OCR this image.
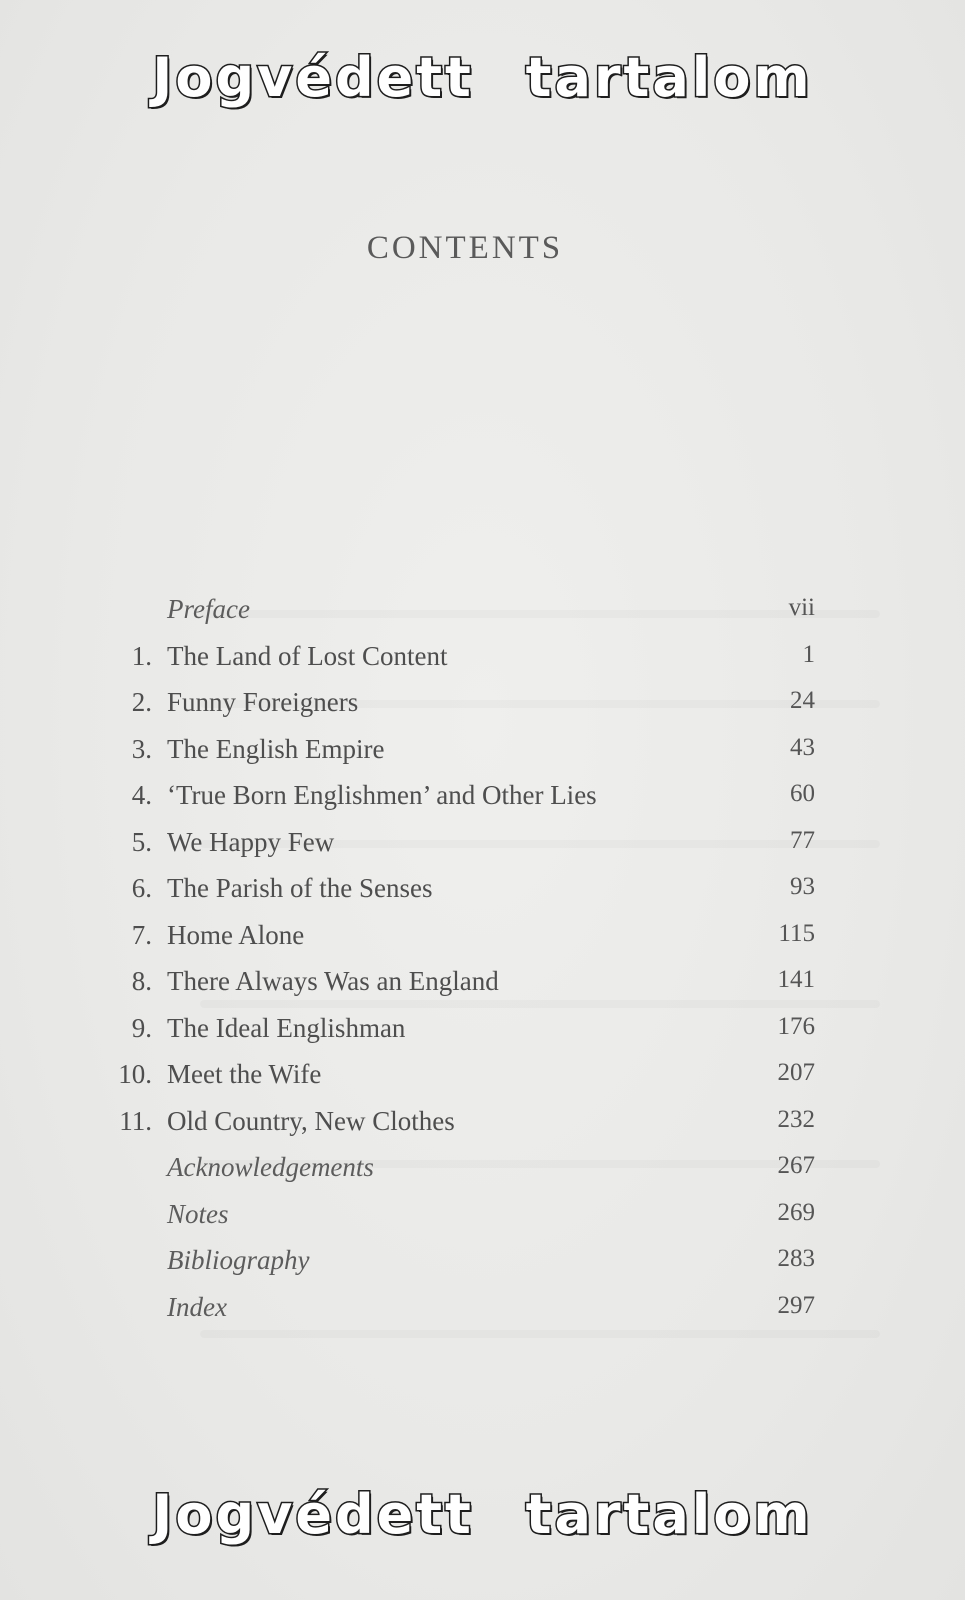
Jogvédett tartalom
CONTENTS
Preface	vii
1. The Land of Lost Content	1
2. Funny Foreigners	24
3. The English Empire	43
4. ‘True Born Englishmen’ and Other Lies	60
5. We Happy Few	77
6. The Parish of the Senses	93
7. Home Alone	115
8. There Always Was an England	141
9. The Ideal Englishman	176
10. Meet the Wife	207
11. Old Country, New Clothes	232
Acknowledgements	267
Notes	269
Bibliography	283
Index	297
Jogvédett tartalom
